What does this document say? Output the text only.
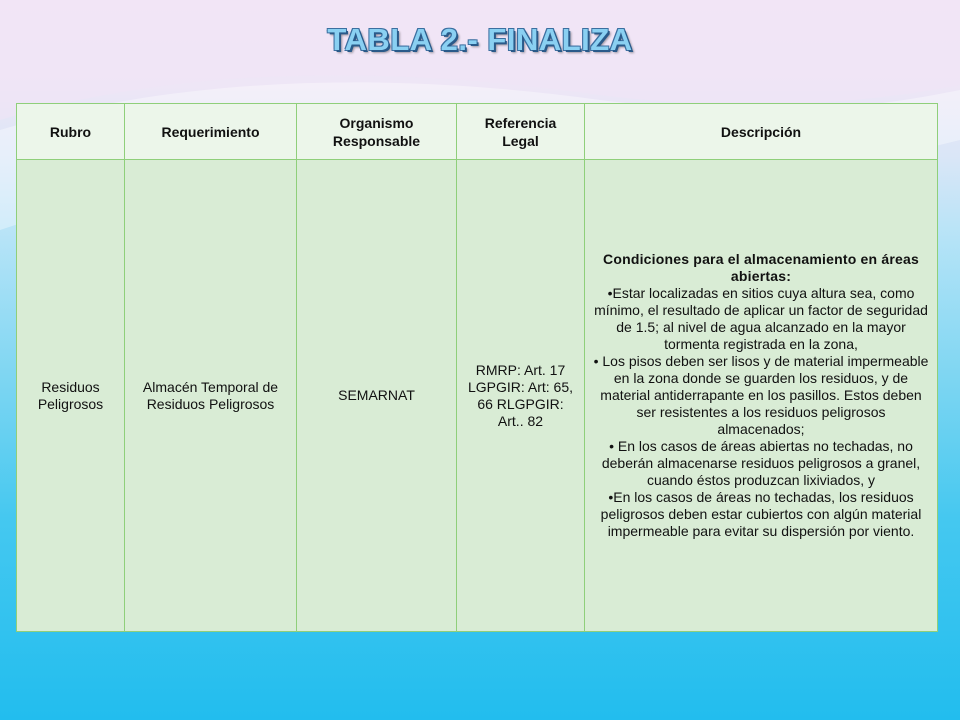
TABLA 2.- FINALIZA
Rubro	Requerimiento	Organismo Responsable	Referencia Legal	Descripción
Residuos Peligrosos	Almacén Temporal de Residuos Peligrosos	SEMARNAT	RMRP: Art. 17 LGPGIR: Art: 65, 66 RLGPGIR: Art.. 82	Condiciones para el almacenamiento en áreas abiertas:

•Estar localizadas en sitios cuya altura sea, como mínimo, el resultado de aplicar un factor de seguridad de 1.5; al nivel de agua alcanzado en la mayor tormenta registrada en la zona,

• Los pisos deben ser lisos y de material impermeable en la zona donde se guarden los residuos, y de material antiderrapante en los pasillos. Estos deben ser resistentes a los residuos peligrosos almacenados;

• En los casos de áreas abiertas no techadas, no deberán almacenarse residuos peligrosos a granel, cuando éstos produzcan lixiviados, y

•En los casos de áreas no techadas, los residuos peligrosos deben estar cubiertos con algún material impermeable para evitar su dispersión por viento.
